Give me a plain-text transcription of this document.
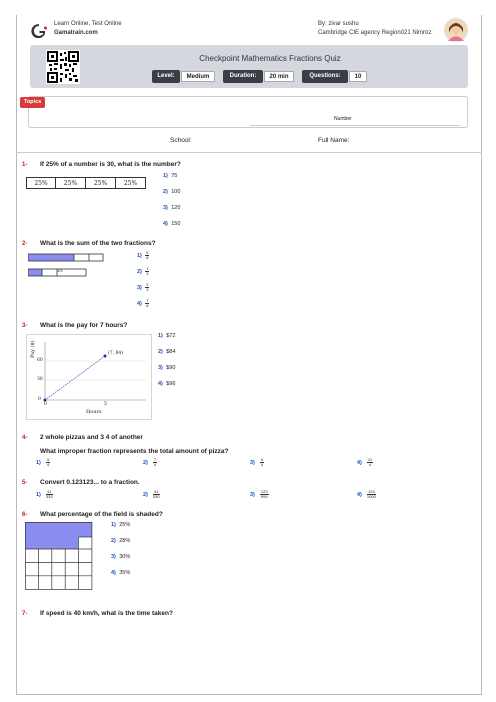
Learn Online, Test Online
Gamatrain.com
By: zivar sushu
Cambridge CIE agency Region021 Nimroz
Checkpoint Mathematics Fractions Quiz
Level:	Medium	Duration:	20 min	Questions:	10
Topics
Number
School:	Full Name:
1- If 25% of a number is 30, what is the number?
25%	25%	25%	25%
1) 75
2) 100
3) 120
4) 150
2- What is the sum of the two fractions?
1/3
$1) \frac{5}{6}$
$2) \frac{1}{2}$
$3) \frac{2}{3}$
$4) \frac{7}{6}$
3- What is the pay for 7 hours?
Pay ($)
0
30
60
0	5
Hours
(7, 84)
1) $72
2) $84
3) $90
4) $96
4- 2 whole pizzas and 3 4 of another
What improper fraction represents the total amount of pizza?
$1) \frac{9}{4}$	$2) \frac{7}{4}$	$3) \frac{5}{4}$	$4) \frac{11}{4}$
5- Convert 0.123123... to a fraction.
$1) \frac{41}{333}$	$2) \frac{41}{330}$	$3) \frac{123}{999}$	$4) \frac{123}{1000}$
6- What percentage of the field is shaded?
1) 25%
2) 28%
3) 30%
4) 35%
7- If speed is 40 km/h, what is the time taken?
